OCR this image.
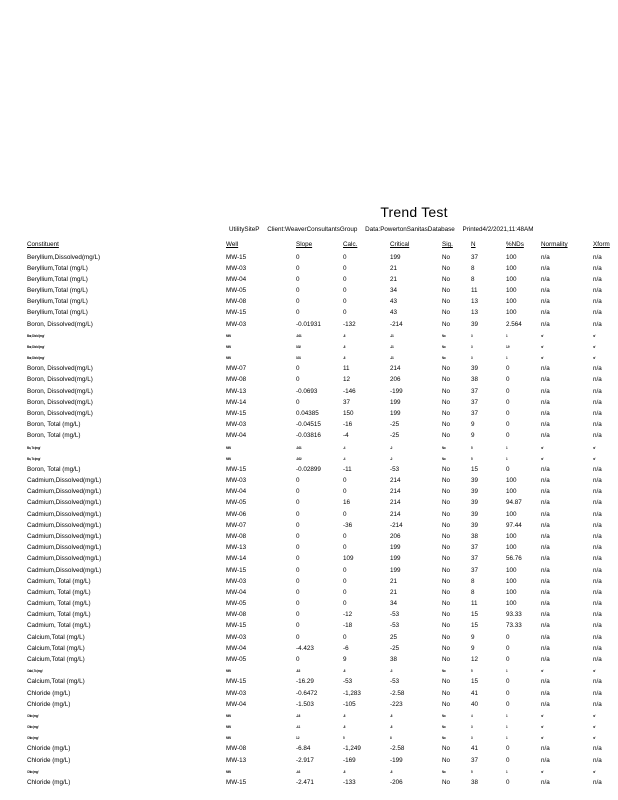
Trend Test
UtilitySiteP Client:WeaverConsultantsGroup Data:PowertonSanitasDatabase Printed4/2/2021,11:48AM
Constituent	Well	Slope	Calc.	Critical	Sig.	N	%NDs	Normality	Xform
Beryllium,Dissolved(mg/L)	MW-15	0	0	199	No	37	100	n/a	n/a
Beryllium,Total (mg/L)	MW-03	0	0	21	No	8	100	n/a	n/a
Beryllium,Total (mg/L)	MW-04	0	0	21	No	8	100	n/a	n/a
Beryllium,Total (mg/L)	MW-05	0	0	34	No	11	100	n/a	n/a
Beryllium,Total (mg/L)	MW-08	0	0	43	No	13	100	n/a	n/a
Beryllium,Total (mg/L)	MW-15	0	0	43	No	13	100	n/a	n/a
Boron, Dissolved(mg/L)	MW-03	-0.01931	-132	-214	No	39	2.564	n/a	n/a
Bor, Dis'ol (mg/	MW	-0.01	-8	-21	No	3	1	n/	n/
Bor, Dis'ol (mg/	MW	0.02	-8	-21	No	3	1.9	n/	n/
Bor, Dis'ol (mg/	MW	0.01	-8	-21	No	3	1	n/	n/
Boron, Dissolved(mg/L)	MW-07	0	11	214	No	39	0	n/a	n/a
Boron, Dissolved(mg/L)	MW-08	0	12	206	No	38	0	n/a	n/a
Boron, Dissolved(mg/L)	MW-13	-0.0693	-146	-199	No	37	0	n/a	n/a
Boron, Dissolved(mg/L)	MW-14	0	37	199	No	37	0	n/a	n/a
Boron, Dissolved(mg/L)	MW-15	0.04385	150	199	No	37	0	n/a	n/a
Boron, Total (mg/L)	MW-03	-0.04515	-16	-25	No	9	0	n/a	n/a
Boron, Total (mg/L)	MW-04	-0.03816	-4	-25	No	9	0	n/a	n/a
Bo, To (mg/	MW	-0.01	-4	-2	No	5	1	n/	n/
Bo, To (mg/	MW	-0.02	-4	-2	No	5	1	n/	n/
Boron, Total (mg/L)	MW-15	-0.02899	-11	-53	No	15	0	n/a	n/a
Cadmium,Dissolved(mg/L)	MW-03	0	0	214	No	39	100	n/a	n/a
Cadmium,Dissolved(mg/L)	MW-04	0	0	214	No	39	100	n/a	n/a
Cadmium,Dissolved(mg/L)	MW-05	0	16	214	No	39	94.87	n/a	n/a
Cadmium,Dissolved(mg/L)	MW-06	0	0	214	No	39	100	n/a	n/a
Cadmium,Dissolved(mg/L)	MW-07	0	-36	-214	No	39	97.44	n/a	n/a
Cadmium,Dissolved(mg/L)	MW-08	0	0	206	No	38	100	n/a	n/a
Cadmium,Dissolved(mg/L)	MW-13	0	0	199	No	37	100	n/a	n/a
Cadmium,Dissolved(mg/L)	MW-14	0	109	199	No	37	56.76	n/a	n/a
Cadmium,Dissolved(mg/L)	MW-15	0	0	199	No	37	100	n/a	n/a
Cadmium, Total (mg/L)	MW-03	0	0	21	No	8	100	n/a	n/a
Cadmium, Total (mg/L)	MW-04	0	0	21	No	8	100	n/a	n/a
Cadmium, Total (mg/L)	MW-05	0	0	34	No	11	100	n/a	n/a
Cadmium, Total (mg/L)	MW-08	0	-12	-53	No	15	93.33	n/a	n/a
Cadmium, Total (mg/L)	MW-15	0	-18	-53	No	15	73.33	n/a	n/a
Calcium,Total (mg/L)	MW-03	0	0	25	No	9	0	n/a	n/a
Calcium,Total (mg/L)	MW-04	-4.423	-6	-25	No	9	0	n/a	n/a
Calcium,Total (mg/L)	MW-05	0	9	38	No	12	0	n/a	n/a
Calci, To (mg/	MW	-8.3	-8	-3	No	5	1	n/	n/
Calcium,Total (mg/L)	MW-15	-16.29	-53	-53	No	15	0	n/a	n/a
Chloride (mg/L)	MW-03	-0.6472	-1,283	-2.58	No	41	0	n/a	n/a
Chloride (mg/L)	MW-04	-1.503	-105	-223	No	40	0	n/a	n/a
Chlo (mg/	MW	-2.8	-8	-8	No	4	1	n/	n/
Chlo (mg/	MW	-4.1	-8	-8	No	3	1	n/	n/
Chlo (mg/	MW	1.2	5	8	No	3	1	n/	n/
Chloride (mg/L)	MW-08	-6.84	-1,249	-2.58	No	41	0	n/a	n/a
Chloride (mg/L)	MW-13	-2.917	-169	-199	No	37	0	n/a	n/a
Chlo (mg/	MW	-4.6	-8	-8	No	5	1	n/	n/
Chloride (mg/L)	MW-15	-2.471	-133	-206	No	38	0	n/a	n/a
